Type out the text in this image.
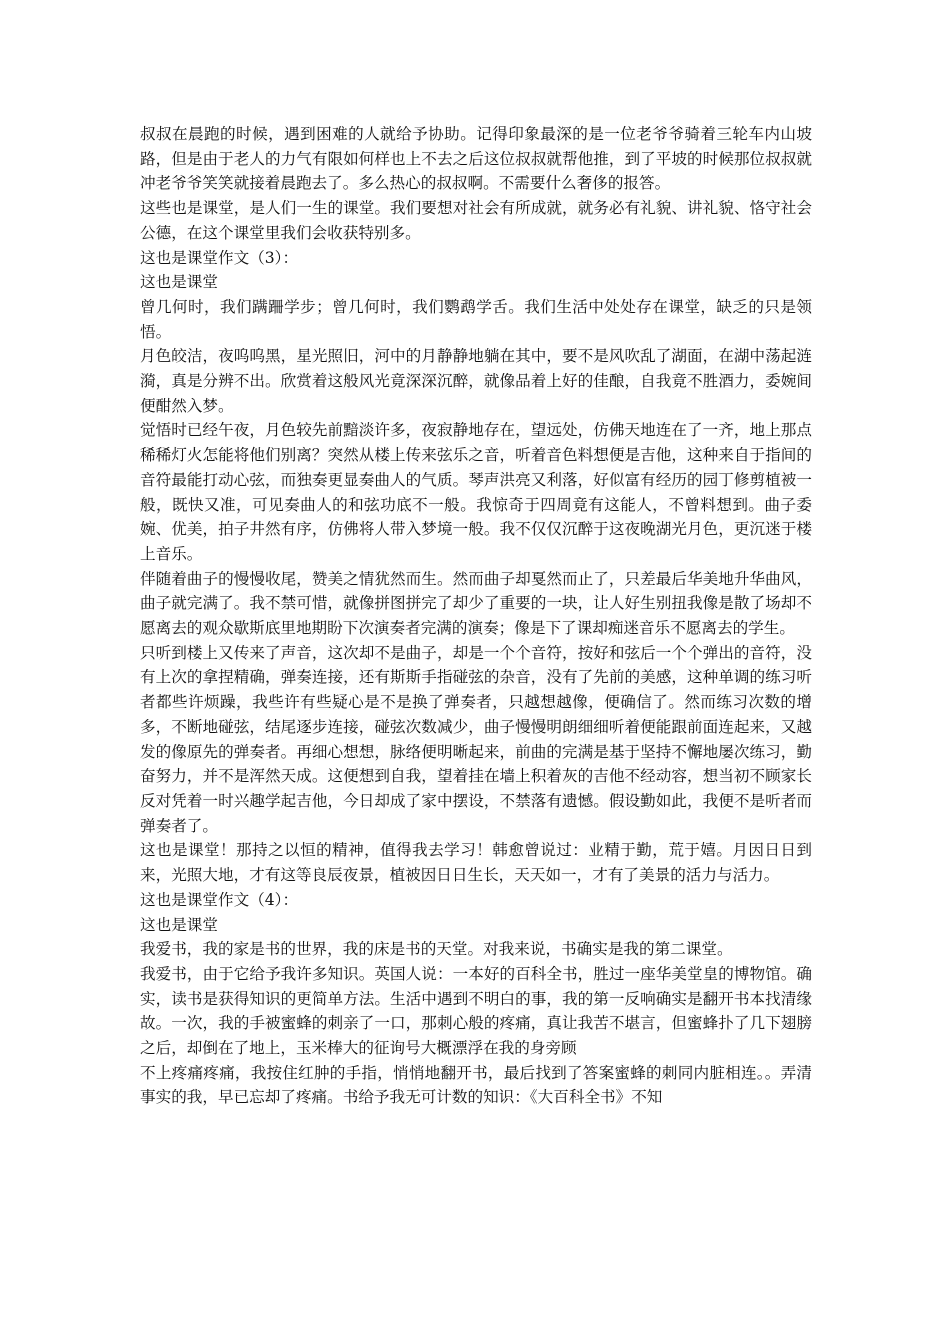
叔叔在晨跑的时候，遇到困难的人就给予协助。记得印象最深的是一位老爷爷骑着三轮车内山坡路，但是由于老人的力气有限如何样也上不去之后这位叔叔就帮他推，到了平坡的时候那位叔叔就冲老爷爷笑笑就接着晨跑去了。多么热心的叔叔啊。不需要什么奢侈的报答。

这些也是课堂，是人们一生的课堂。我们要想对社会有所成就，就务必有礼貌、讲礼貌、恪守社会公德，在这个课堂里我们会收获特别多。

这也是课堂作文（3）：

这也是课堂

曾几何时，我们蹒跚学步；曾几何时，我们鹦鹉学舌。我们生活中处处存在课堂，缺乏的只是领悟。

月色皎洁，夜呜呜黑，星光照旧，河中的月静静地躺在其中，要不是风吹乱了湖面，在湖中荡起涟漪，真是分辨不出。欣赏着这般风光竟深深沉醉，就像品着上好的佳酿，自我竟不胜酒力，委婉间便酣然入梦。

觉悟时已经午夜，月色较先前黯淡许多，夜寂静地存在，望远处，仿佛天地连在了一齐，地上那点稀稀灯火怎能将他们别离？突然从楼上传来弦乐之音，听着音色料想便是吉他，这种来自于指间的音符最能打动心弦，而独奏更显奏曲人的气质。琴声洪亮又利落，好似富有经历的园丁修剪植被一般，既快又准，可见奏曲人的和弦功底不一般。我惊奇于四周竟有这能人，不曾料想到。曲子委婉、优美，拍子井然有序，仿佛将人带入梦境一般。我不仅仅沉醉于这夜晚湖光月色，更沉迷于楼上音乐。

伴随着曲子的慢慢收尾，赞美之情犹然而生。然而曲子却戛然而止了，只差最后华美地升华曲风，曲子就完满了。我不禁可惜，就像拼图拼完了却少了重要的一块，让人好生别扭我像是散了场却不愿离去的观众歇斯底里地期盼下次演奏者完满的演奏；像是下了课却痴迷音乐不愿离去的学生。

只听到楼上又传来了声音，这次却不是曲子，却是一个个音符，按好和弦后一个个弹出的音符，没有上次的拿捏精确，弹奏连接，还有斯斯手指碰弦的杂音，没有了先前的美感，这种单调的练习听者都些许烦躁，我些许有些疑心是不是换了弹奏者，只越想越像，便确信了。然而练习次数的增多，不断地碰弦，结尾逐步连接，碰弦次数减少，曲子慢慢明朗细细听着便能跟前面连起来，又越发的像原先的弹奏者。再细心想想，脉络便明晰起来，前曲的完满是基于坚持不懈地屡次练习，勤奋努力，并不是浑然天成。这便想到自我，望着挂在墙上积着灰的吉他不经动容，想当初不顾家长反对凭着一时兴趣学起吉他，今日却成了家中摆设，不禁落有遗憾。假设勤如此，我便不是听者而弹奏者了。

这也是课堂！那持之以恒的精神，值得我去学习！韩愈曾说过：业精于勤，荒于嬉。月因日日到来，光照大地，才有这等良辰夜景，植被因日日生长，天天如一，才有了美景的活力与活力。

这也是课堂作文（4）：

这也是课堂

我爱书，我的家是书的世界，我的床是书的天堂。对我来说，书确实是我的第二课堂。

我爱书，由于它给予我许多知识。英国人说：一本好的百科全书，胜过一座华美堂皇的博物馆。确实，读书是获得知识的更简单方法。生活中遇到不明白的事，我的第一反响确实是翻开书本找清缘故。一次，我的手被蜜蜂的刺亲了一口，那刺心般的疼痛，真让我苦不堪言，但蜜蜂扑了几下翅膀之后，却倒在了地上，玉米棒大的征询号大概漂浮在我的身旁顾

不上疼痛疼痛，我按住红肿的手指，悄悄地翻开书，最后找到了答案蜜蜂的刺同内脏相连。。弄清事实的我，早已忘却了疼痛。书给予我无可计数的知识：《大百科全书》不知
